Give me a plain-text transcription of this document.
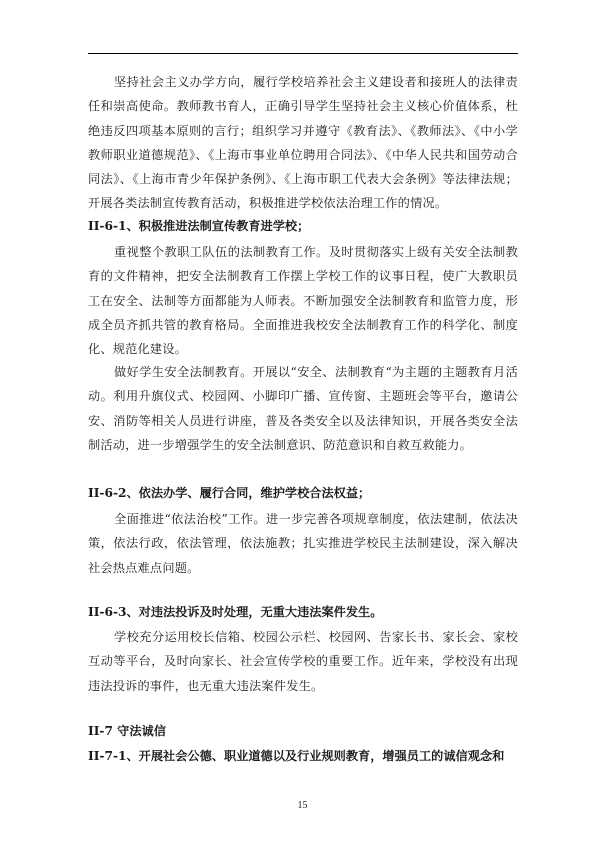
坚持社会主义办学方向，履行学校培养社会主义建设者和接班人的法律责任和崇高使命。教师教书育人，正确引导学生坚持社会主义核心价值体系，杜绝违反四项基本原则的言行；组织学习并遵守《教育法》、《教师法》、《中小学教师职业道德规范》、《上海市事业单位聘用合同法》、《中华人民共和国劳动合同法》、《上海市青少年保护条例》、《上海市职工代表大会条例》等法律法规；开展各类法制宣传教育活动，积极推进学校依法治理工作的情况。

II-6-1、积极推进法制宣传教育进学校；

重视整个教职工队伍的法制教育工作。及时贯彻落实上级有关安全法制教育的文件精神，把安全法制教育工作摆上学校工作的议事日程，使广大教职员工在安全、法制等方面都能为人师表。不断加强安全法制教育和监管力度，形成全员齐抓共管的教育格局。全面推进我校安全法制教育工作的科学化、制度化、规范化建设。

做好学生安全法制教育。开展以“安全、法制教育“为主题的主题教育月活动。利用升旗仪式、校园网、小脚印广播、宣传窗、主题班会等平台，邀请公安、消防等相关人员进行讲座，普及各类安全以及法律知识，开展各类安全法制活动，进一步增强学生的安全法制意识、防范意识和自救互救能力。

II-6-2、依法办学、履行合同，维护学校合法权益；

全面推进“依法治校”工作。进一步完善各项规章制度，依法建制，依法决策，依法行政，依法管理，依法施教；扎实推进学校民主法制建设，深入解决社会热点难点问题。

II-6-3、对违法投诉及时处理，无重大违法案件发生。

学校充分运用校长信箱、校园公示栏、校园网、告家长书、家长会、家校互动等平台，及时向家长、社会宣传学校的重要工作。近年来，学校没有出现违法投诉的事件，也无重大违法案件发生。

II-7 守法诚信
II-7-1、开展社会公德、职业道德以及行业规则教育，增强员工的诚信观念和
15
